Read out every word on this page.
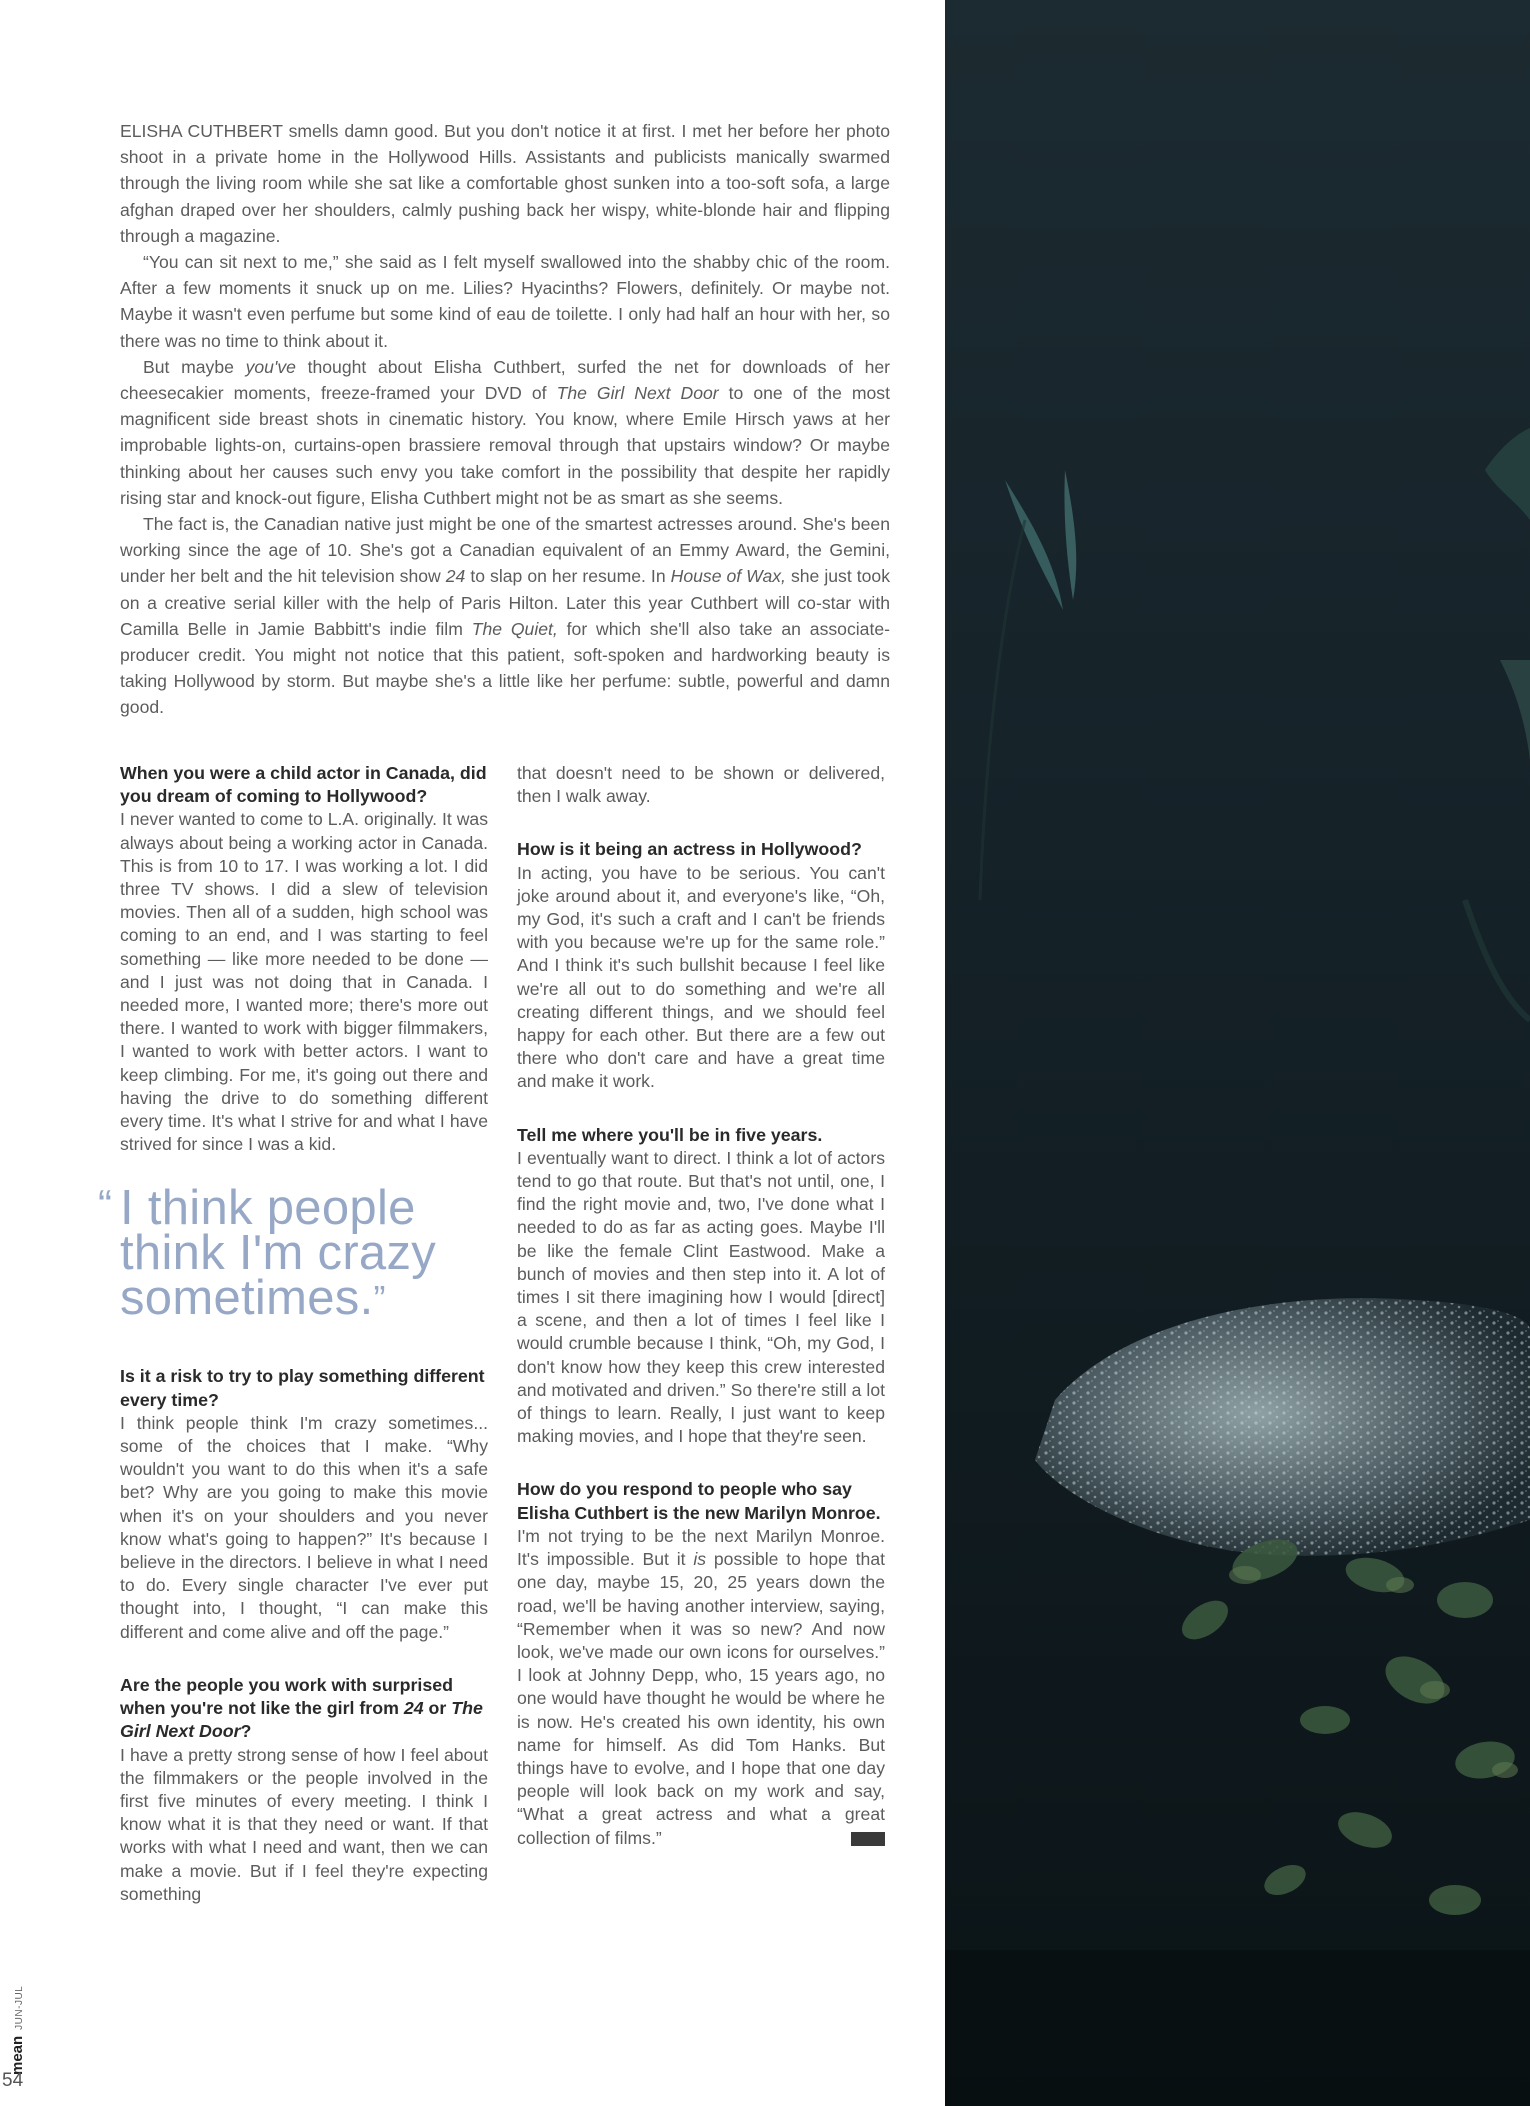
ELISHA CUTHBERT smells damn good. But you don't notice it at first. I met her before her photo shoot in a private home in the Hollywood Hills. Assistants and publicists manically swarmed through the living room while she sat like a comfortable ghost sunken into a too-soft sofa, a large afghan draped over her shoulders, calmly pushing back her wispy, white-blonde hair and flipping through a magazine.

“You can sit next to me,” she said as I felt myself swallowed into the shabby chic of the room. After a few moments it snuck up on me. Lilies? Hyacinths? Flowers, definitely. Or maybe not. Maybe it wasn't even perfume but some kind of eau de toilette. I only had half an hour with her, so there was no time to think about it.

But maybe you've thought about Elisha Cuthbert, surfed the net for downloads of her cheesecakier moments, freeze-framed your DVD of The Girl Next Door to one of the most magnificent side breast shots in cinematic history. You know, where Emile Hirsch yaws at her improbable lights-on, curtains-open brassiere removal through that upstairs window? Or maybe thinking about her causes such envy you take comfort in the possibility that despite her rapidly rising star and knock-out figure, Elisha Cuthbert might not be as smart as she seems.

The fact is, the Canadian native just might be one of the smartest actresses around. She's been working since the age of 10. She's got a Canadian equivalent of an Emmy Award, the Gemini, under her belt and the hit television show 24 to slap on her resume. In House of Wax, she just took on a creative serial killer with the help of Paris Hilton. Later this year Cuthbert will co-star with Camilla Belle in Jamie Babbitt's indie film The Quiet, for which she'll also take an associate-producer credit. You might not notice that this patient, soft-spoken and hardworking beauty is taking Hollywood by storm. But maybe she's a little like her perfume: subtle, powerful and damn good.

When you were a child actor in Canada, did you dream of coming to Hollywood?

I never wanted to come to L.A. originally. It was always about being a working actor in Canada. This is from 10 to 17. I was working a lot. I did three TV shows. I did a slew of television movies. Then all of a sudden, high school was coming to an end, and I was starting to feel something — like more needed to be done — and I just was not doing that in Canada. I needed more, I wanted more; there's more out there. I wanted to work with bigger filmmakers, I wanted to work with better actors. I want to keep climbing. For me, it's going out there and having the drive to do something different every time. It's what I strive for and what I have strived for since I was a kid.

“ I think people
think I'm crazy
sometimes.”

Is it a risk to try to play something different every time?

I think people think I'm crazy sometimes... some of the choices that I make. “Why wouldn't you want to do this when it's a safe bet? Why are you going to make this movie when it's on your shoulders and you never know what's going to happen?” It's because I believe in the directors. I believe in what I need to do. Every single character I've ever put thought into, I thought, “I can make this different and come alive and off the page.”

Are the people you work with surprised when you're not like the girl from 24 or The Girl Next Door?

I have a pretty strong sense of how I feel about the filmmakers or the people involved in the first five minutes of every meeting. I think I know what it is that they need or want. If that works with what I need and want, then we can make a movie. But if I feel they're expecting something

that doesn't need to be shown or delivered, then I walk away.

How is it being an actress in Hollywood?

In acting, you have to be serious. You can't joke around about it, and everyone's like, “Oh, my God, it's such a craft and I can't be friends with you because we're up for the same role.” And I think it's such bullshit because I feel like we're all out to do something and we're all creating different things, and we should feel happy for each other. But there are a few out there who don't care and have a great time and make it work.

Tell me where you'll be in five years.

I eventually want to direct. I think a lot of actors tend to go that route. But that's not until, one, I find the right movie and, two, I've done what I needed to do as far as acting goes. Maybe I'll be like the female Clint Eastwood. Make a bunch of movies and then step into it. A lot of times I sit there imagining how I would [direct] a scene, and then a lot of times I feel like I would crumble because I think, “Oh, my God, I don't know how they keep this crew interested and motivated and driven.” So there're still a lot of things to learn. Really, I just want to keep making movies, and I hope that they're seen.

How do you respond to people who say Elisha Cuthbert is the new Marilyn Monroe.

I'm not trying to be the next Marilyn Monroe. It's impossible. But it is possible to hope that one day, maybe 15, 20, 25 years down the road, we'll be having another interview, saying, “Remember when it was so new? And now look, we've made our own icons for ourselves.” I look at Johnny Depp, who, 15 years ago, no one would have thought he would be where he is now. He's created his own identity, his own name for himself. As did Tom Hanks. But things have to evolve, and I hope that one day people will look back on my work and say, “What a great actress and what a great collection of films.”

meanJUN-JUL
54
